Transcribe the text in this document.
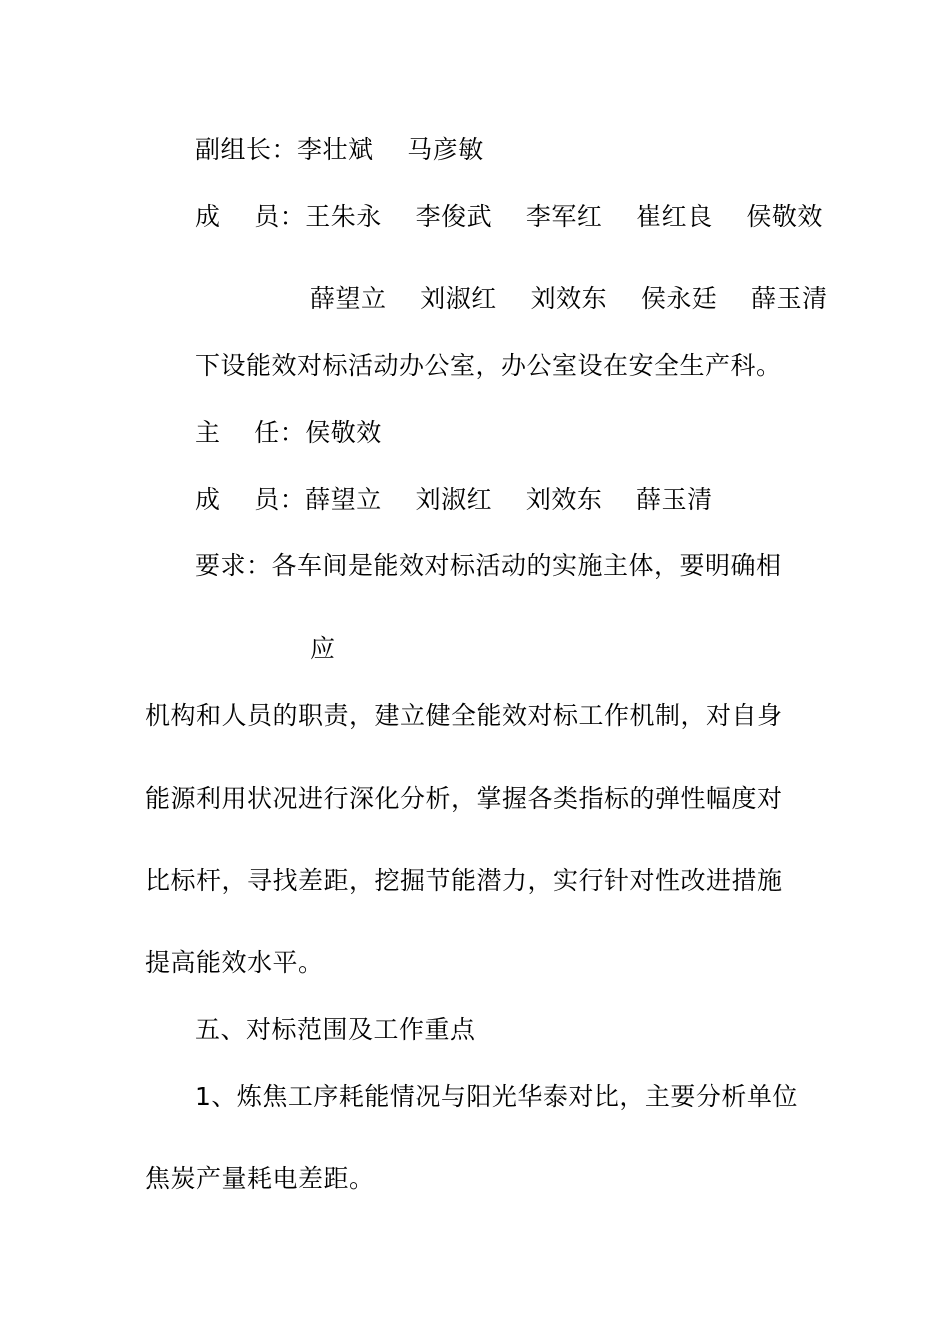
副组长：李壮斌    马彦敏
成    员：王朱永    李俊武    李军红    崔红良    侯敬效
薛望立    刘淑红    刘效东    侯永廷    薛玉清
下设能效对标活动办公室，办公室设在安全生产科。
主    任：侯敬效
成    员：薛望立    刘淑红    刘效东    薛玉清
要求：各车间是能效对标活动的实施主体，要明确相
应
机构和人员的职责，建立健全能效对标工作机制，对自身
能源利用状况进行深化分析，掌握各类指标的弹性幅度对
比标杆，寻找差距，挖掘节能潜力，实行针对性改进措施
提高能效水平。
五、对标范围及工作重点
1、炼焦工序耗能情况与阳光华泰对比，主要分析单位
焦炭产量耗电差距。
